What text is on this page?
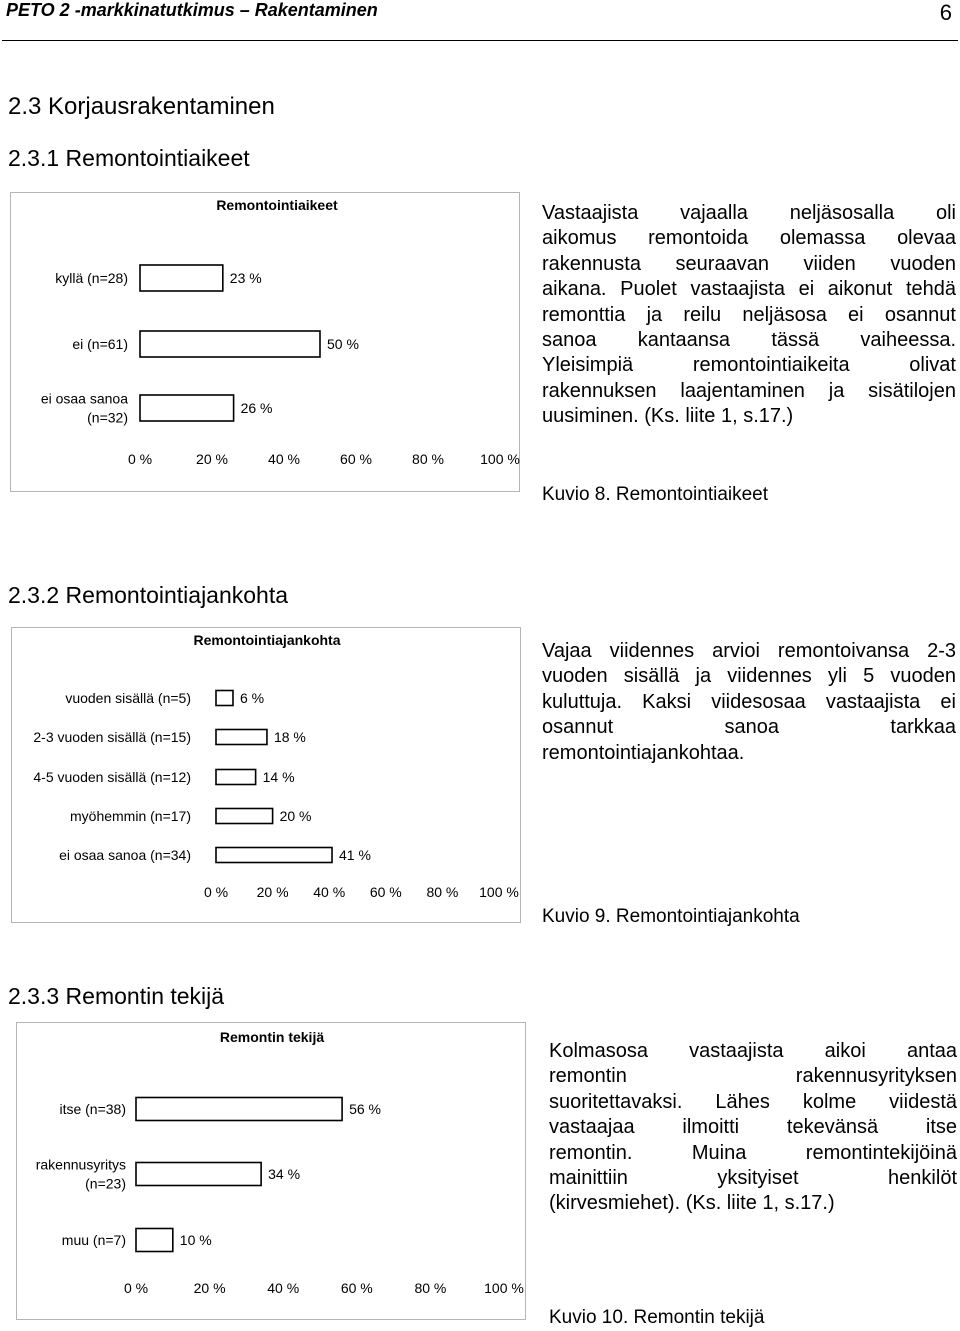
PETO 2 -markkinatutkimus – Rakentaminen	6
2.3 Korjausrakentaminen
2.3.1 Remontointiaikeet
2.3.2 Remontointiajankohta
2.3.3 Remontin tekijä
Remontointiaikeet
23 %
kyllä (n=28)
50 %
ei (n=61)
26 %
ei osaa sanoa
(n=32)
0 %	20 %	40 %	60 %	80 %	100 %
Remontointiajankohta
6 %
vuoden sisällä (n=5)
18 %
2-3 vuoden sisällä (n=15)
14 %
4-5 vuoden sisällä (n=12)
20 %
myöhemmin (n=17)
41 %
ei osaa sanoa (n=34)
0 % 20 % 40 % 60 % 80 % 100 %
Remontin tekijä
56 %
itse (n=38)
34 %
rakennusyritys
(n=23)
10 %
muu (n=7)
0 %	20 %	40 %	60 %	80 %	100 %
Vastaajista vajaalla neljäsosalla oli
aikomus remontoida olemassa olevaa
rakennusta seuraavan viiden vuoden
aikana. Puolet vastaajista ei aikonut tehdä
remonttia ja reilu neljäsosa ei osannut
sanoa kantaansa tässä vaiheessa.
Yleisimpiä remontointiaikeita olivat
rakennuksen laajentaminen ja sisätilojen
uusiminen. (Ks. liite 1, s.17.)
Kuvio 8. Remontointiaikeet
Vajaa viidennes arvioi remontoivansa 2-3
vuoden sisällä ja viidennes yli 5 vuoden
kuluttuja. Kaksi viidesosaa vastaajista ei
osannut sanoa tarkkaa
remontointiajankohtaa.
Kuvio 9. Remontointiajankohta
Kolmasosa vastaajista aikoi antaa
remontin rakennusyrityksen
suoritettavaksi. Lähes kolme viidestä
vastaajaa ilmoitti tekevänsä itse
remontin. Muina remontintekijöinä
mainittiin yksityiset henkilöt
(kirvesmiehet). (Ks. liite 1, s.17.)
Kuvio 10. Remontin tekijä
